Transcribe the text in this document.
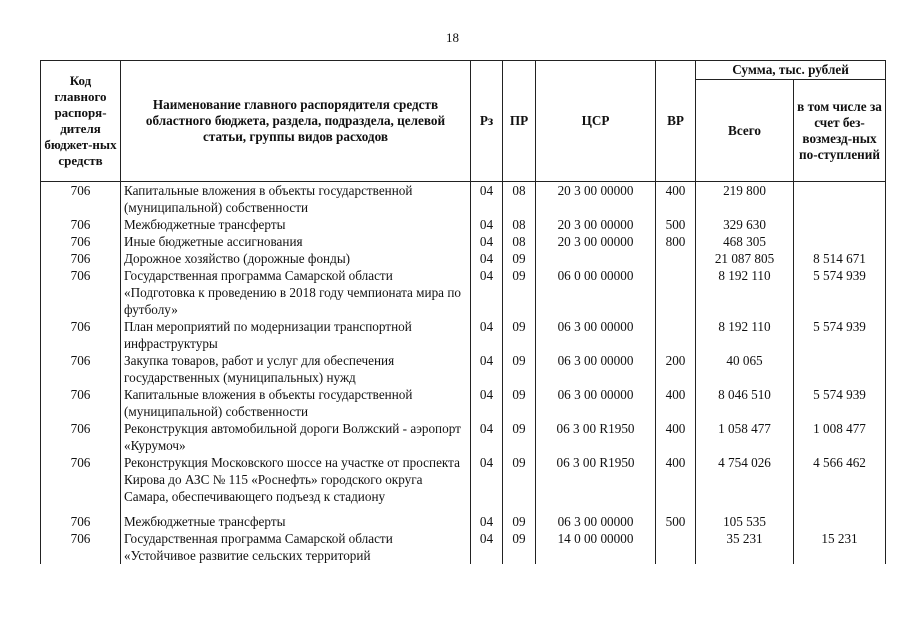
18
Код главного распоря-дителя бюджет-ных средств	Наименование главного распорядителя средств областного бюджета, раздела, подраздела, целевой статьи, группы видов расходов	Рз	ПР	ЦСР	ВР	Сумма, тыс. рублей	
						Всего	в том числе за счет без-возмезд-ных по-ступлений
706	Капитальные вложения в объекты государственной (муниципальной) собственности	04	08	20 3 00 00000	400	219 800	
706	Межбюджетные трансферты	04	08	20 3 00 00000	500	329 630	
706	Иные бюджетные ассигнования	04	08	20 3 00 00000	800	468 305	
706	Дорожное хозяйство (дорожные фонды)	04	09			21 087 805	8 514 671
706	Государственная программа Самарской области «Подготовка к проведению в 2018 году чемпионата мира по футболу»	04	09	06 0 00 00000		8 192 110	5 574 939
706	План мероприятий по модернизации транспортной инфраструктуры	04	09	06 3 00 00000		8 192 110	5 574 939
706	Закупка товаров, работ и услуг для обеспечения государственных (муниципальных) нужд	04	09	06 3 00 00000	200	40 065	
706	Капитальные вложения в объекты государственной (муниципальной) собственности	04	09	06 3 00 00000	400	8 046 510	5 574 939
706	Реконструкция автомобильной дороги Волжский - аэропорт «Курумоч»	04	09	06 3 00 R1950	400	1 058 477	1 008 477
706	Реконструкция Московского шоссе на участке от проспекта Кирова до АЗС № 115 «Роснефть» городского округа Самара, обеспечивающего подъезд к стадиону	04	09	06 3 00 R1950	400	4 754 026	4 566 462
706	Межбюджетные трансферты	04	09	06 3 00 00000	500	105 535	
706	Государственная программа Самарской области «Устойчивое развитие сельских территорий	04	09	14 0 00 00000		35 231	15 231
